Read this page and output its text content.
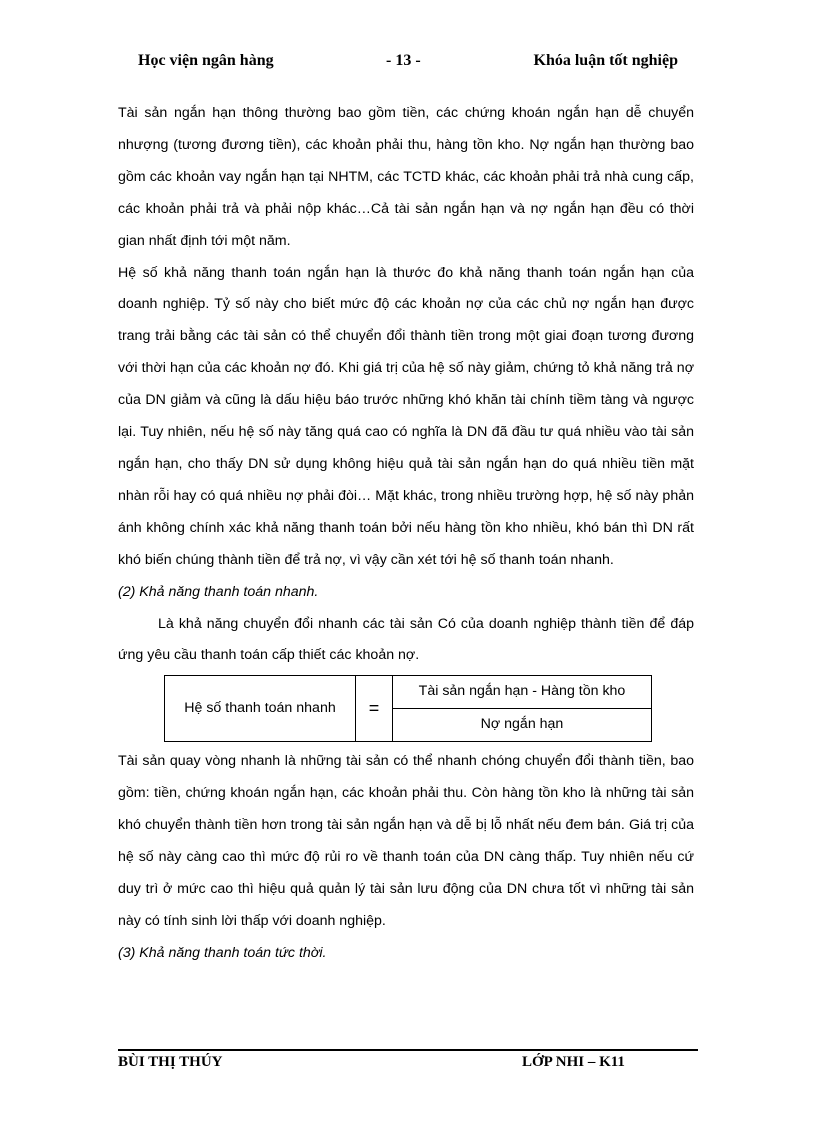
Học viện ngân hàng	- 13 -	Khóa luận tốt nghiệp

Tài sản ngắn hạn thông thường bao gồm tiền, các chứng khoán ngắn hạn dễ chuyển nhượng (tương đương tiền), các khoản phải thu, hàng tồn kho. Nợ ngắn hạn thường bao gồm các khoản vay ngắn hạn tại NHTM, các TCTD khác, các khoản phải trả nhà cung cấp, các khoản phải trả và phải nộp khác…Cả tài sản ngắn hạn và nợ ngắn hạn đều có thời gian nhất định tới một năm.

Hệ số khả năng thanh toán ngắn hạn là thước đo khả năng thanh toán ngắn hạn của doanh nghiệp. Tỷ số này cho biết mức độ các khoản nợ của các chủ nợ ngắn hạn được trang trải bằng các tài sản có thể chuyển đổi thành tiền trong một giai đoạn tương đương với thời hạn của các khoản nợ đó. Khi giá trị của hệ số này giảm, chứng tỏ khả năng trả nợ của DN giảm và cũng là dấu hiệu báo trước những khó khăn tài chính tiềm tàng và ngược lại. Tuy nhiên, nếu hệ số này tăng quá cao có nghĩa là DN đã đầu tư quá nhiều vào tài sản ngắn hạn, cho thấy DN sử dụng không hiệu quả tài sản ngắn hạn do quá nhiều tiền mặt nhàn rỗi hay có quá nhiều nợ phải đòi… Mặt khác, trong nhiều trường hợp, hệ số này phản ánh không chính xác khả năng thanh toán bởi nếu hàng tồn kho nhiều, khó bán thì DN rất khó biến chúng thành tiền để trả nợ, vì vậy cần xét tới hệ số thanh toán nhanh.

(2) Khả năng thanh toán nhanh.

Là khả năng chuyển đổi nhanh các tài sản Có của doanh nghiệp thành tiền để đáp ứng yêu cầu thanh toán cấp thiết các khoản nợ.

Hệ số thanh toán nhanh	=	Tài sản ngắn hạn - Hàng tồn kho
Nợ ngắn hạn

Tài sản quay vòng nhanh là những tài sản có thể nhanh chóng chuyển đổi thành tiền, bao gồm: tiền, chứng khoán ngắn hạn, các khoản phải thu. Còn hàng tồn kho là những tài sản khó chuyển thành tiền hơn trong tài sản ngắn hạn và dễ bị lỗ nhất nếu đem bán. Giá trị của hệ số này càng cao thì mức độ rủi ro về thanh toán của DN càng thấp. Tuy nhiên nếu cứ duy trì ở mức cao thì hiệu quả quản lý tài sản lưu động của DN chưa tốt vì những tài sản này có tính sinh lời thấp với doanh nghiệp.

(3) Khả năng thanh toán tức thời.

BÙI THỊ THÚY	LỚP NHI – K11
